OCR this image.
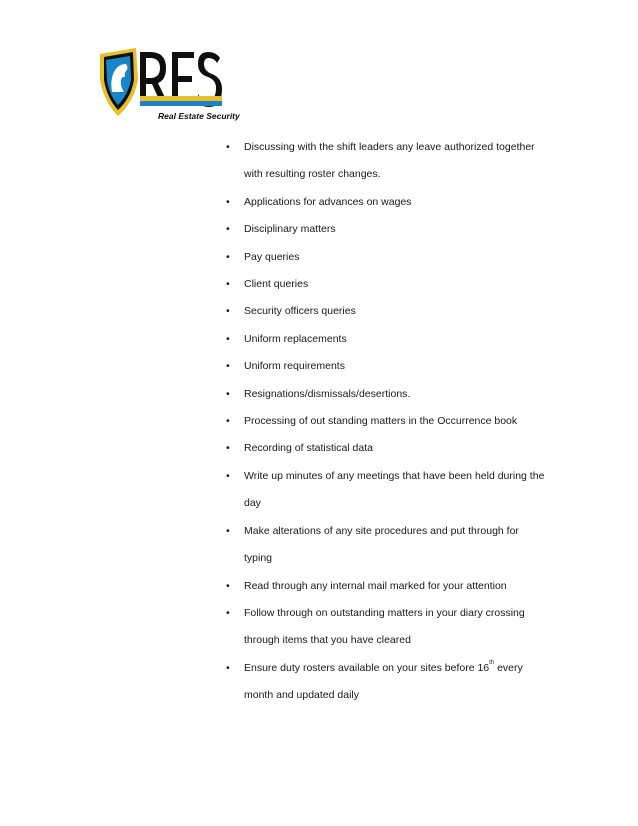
Real Estate Security
• Discussing with the shift leaders any leave authorized together
with resulting roster changes.
• Applications for advances on wages
• Disciplinary matters
• Pay queries
• Client queries
• Security officers queries
• Uniform replacements
• Uniform requirements
• Resignations/dismissals/desertions.
• Processing of out standing matters in the Occurrence book
• Recording of statistical data
• Write up minutes of any meetings that have been held during the
day
• Make alterations of any site procedures and put through for
typing
• Read through any internal mail marked for your attention
• Follow through on outstanding matters in your diary crossing
through items that you have cleared
• Ensure duty rosters available on your sites before 16th every
month and updated daily
